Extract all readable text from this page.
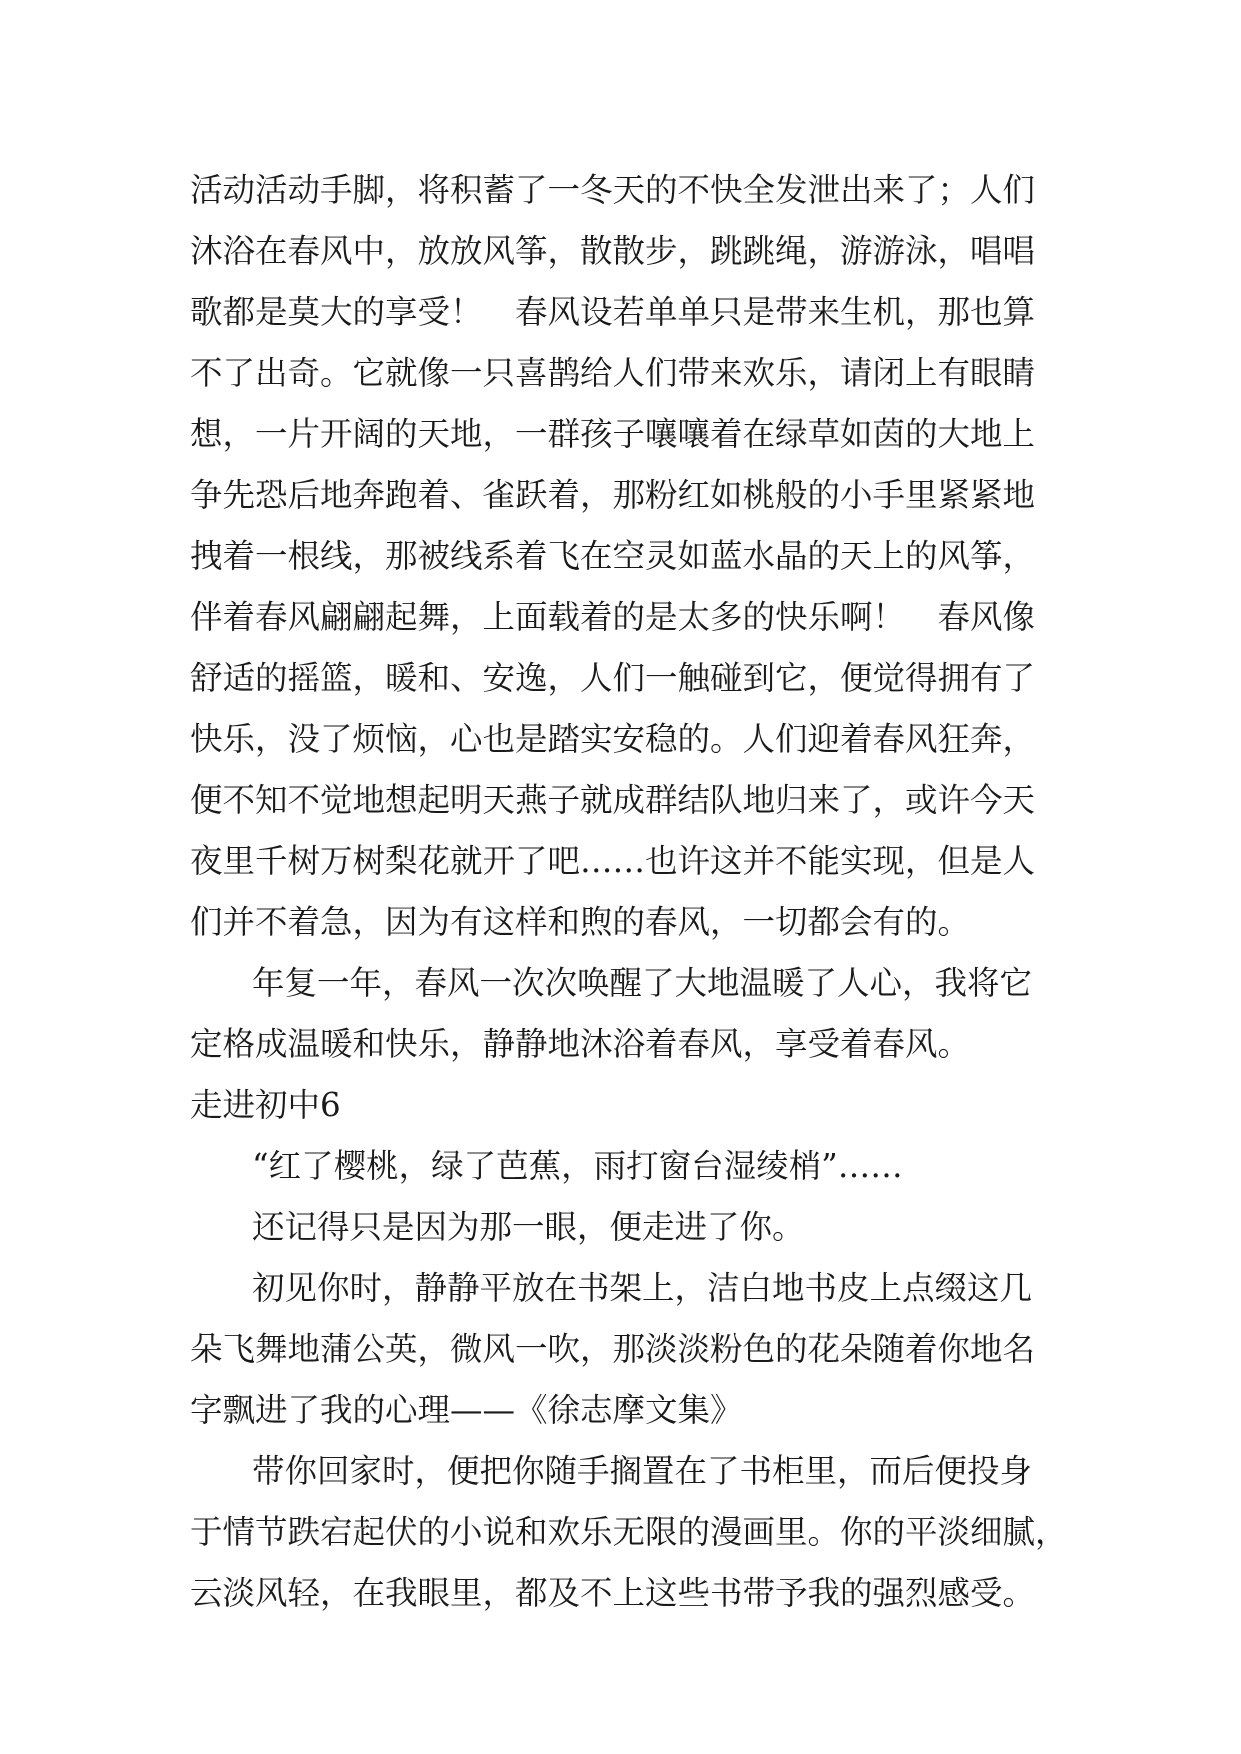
活动活动手脚，将积蓄了一冬天的不快全发泄出来了；人们
沐浴在春风中，放放风筝，散散步，跳跳绳，游游泳，唱唱
歌都是莫大的享受！　春风设若单单只是带来生机，那也算
不了出奇。它就像一只喜鹊给人们带来欢乐，请闭上有眼睛
想，一片开阔的天地，一群孩子嚷嚷着在绿草如茵的大地上
争先恐后地奔跑着、雀跃着，那粉红如桃般的小手里紧紧地
拽着一根线，那被线系着飞在空灵如蓝水晶的天上的风筝，
伴着春风翩翩起舞，上面载着的是太多的快乐啊！　春风像
舒适的摇篮，暖和、安逸，人们一触碰到它，便觉得拥有了
快乐，没了烦恼，心也是踏实安稳的。人们迎着春风狂奔，
便不知不觉地想起明天燕子就成群结队地归来了，或许今天
夜里千树万树梨花就开了吧……也许这并不能实现，但是人
们并不着急，因为有这样和煦的春风，一切都会有的。
年复一年，春风一次次唤醒了大地温暖了人心，我将它
定格成温暖和快乐，静静地沐浴着春风，享受着春风。
走进初中6
“红了樱桃，绿了芭蕉，雨打窗台湿绫梢”……
还记得只是因为那一眼，便走进了你。
初见你时，静静平放在书架上，洁白地书皮上点缀这几
朵飞舞地蒲公英，微风一吹，那淡淡粉色的花朵随着你地名
字飘进了我的心理——《徐志摩文集》
带你回家时，便把你随手搁置在了书柜里，而后便投身
于情节跌宕起伏的小说和欢乐无限的漫画里。你的平淡细腻，
云淡风轻，在我眼里，都及不上这些书带予我的强烈感受。
